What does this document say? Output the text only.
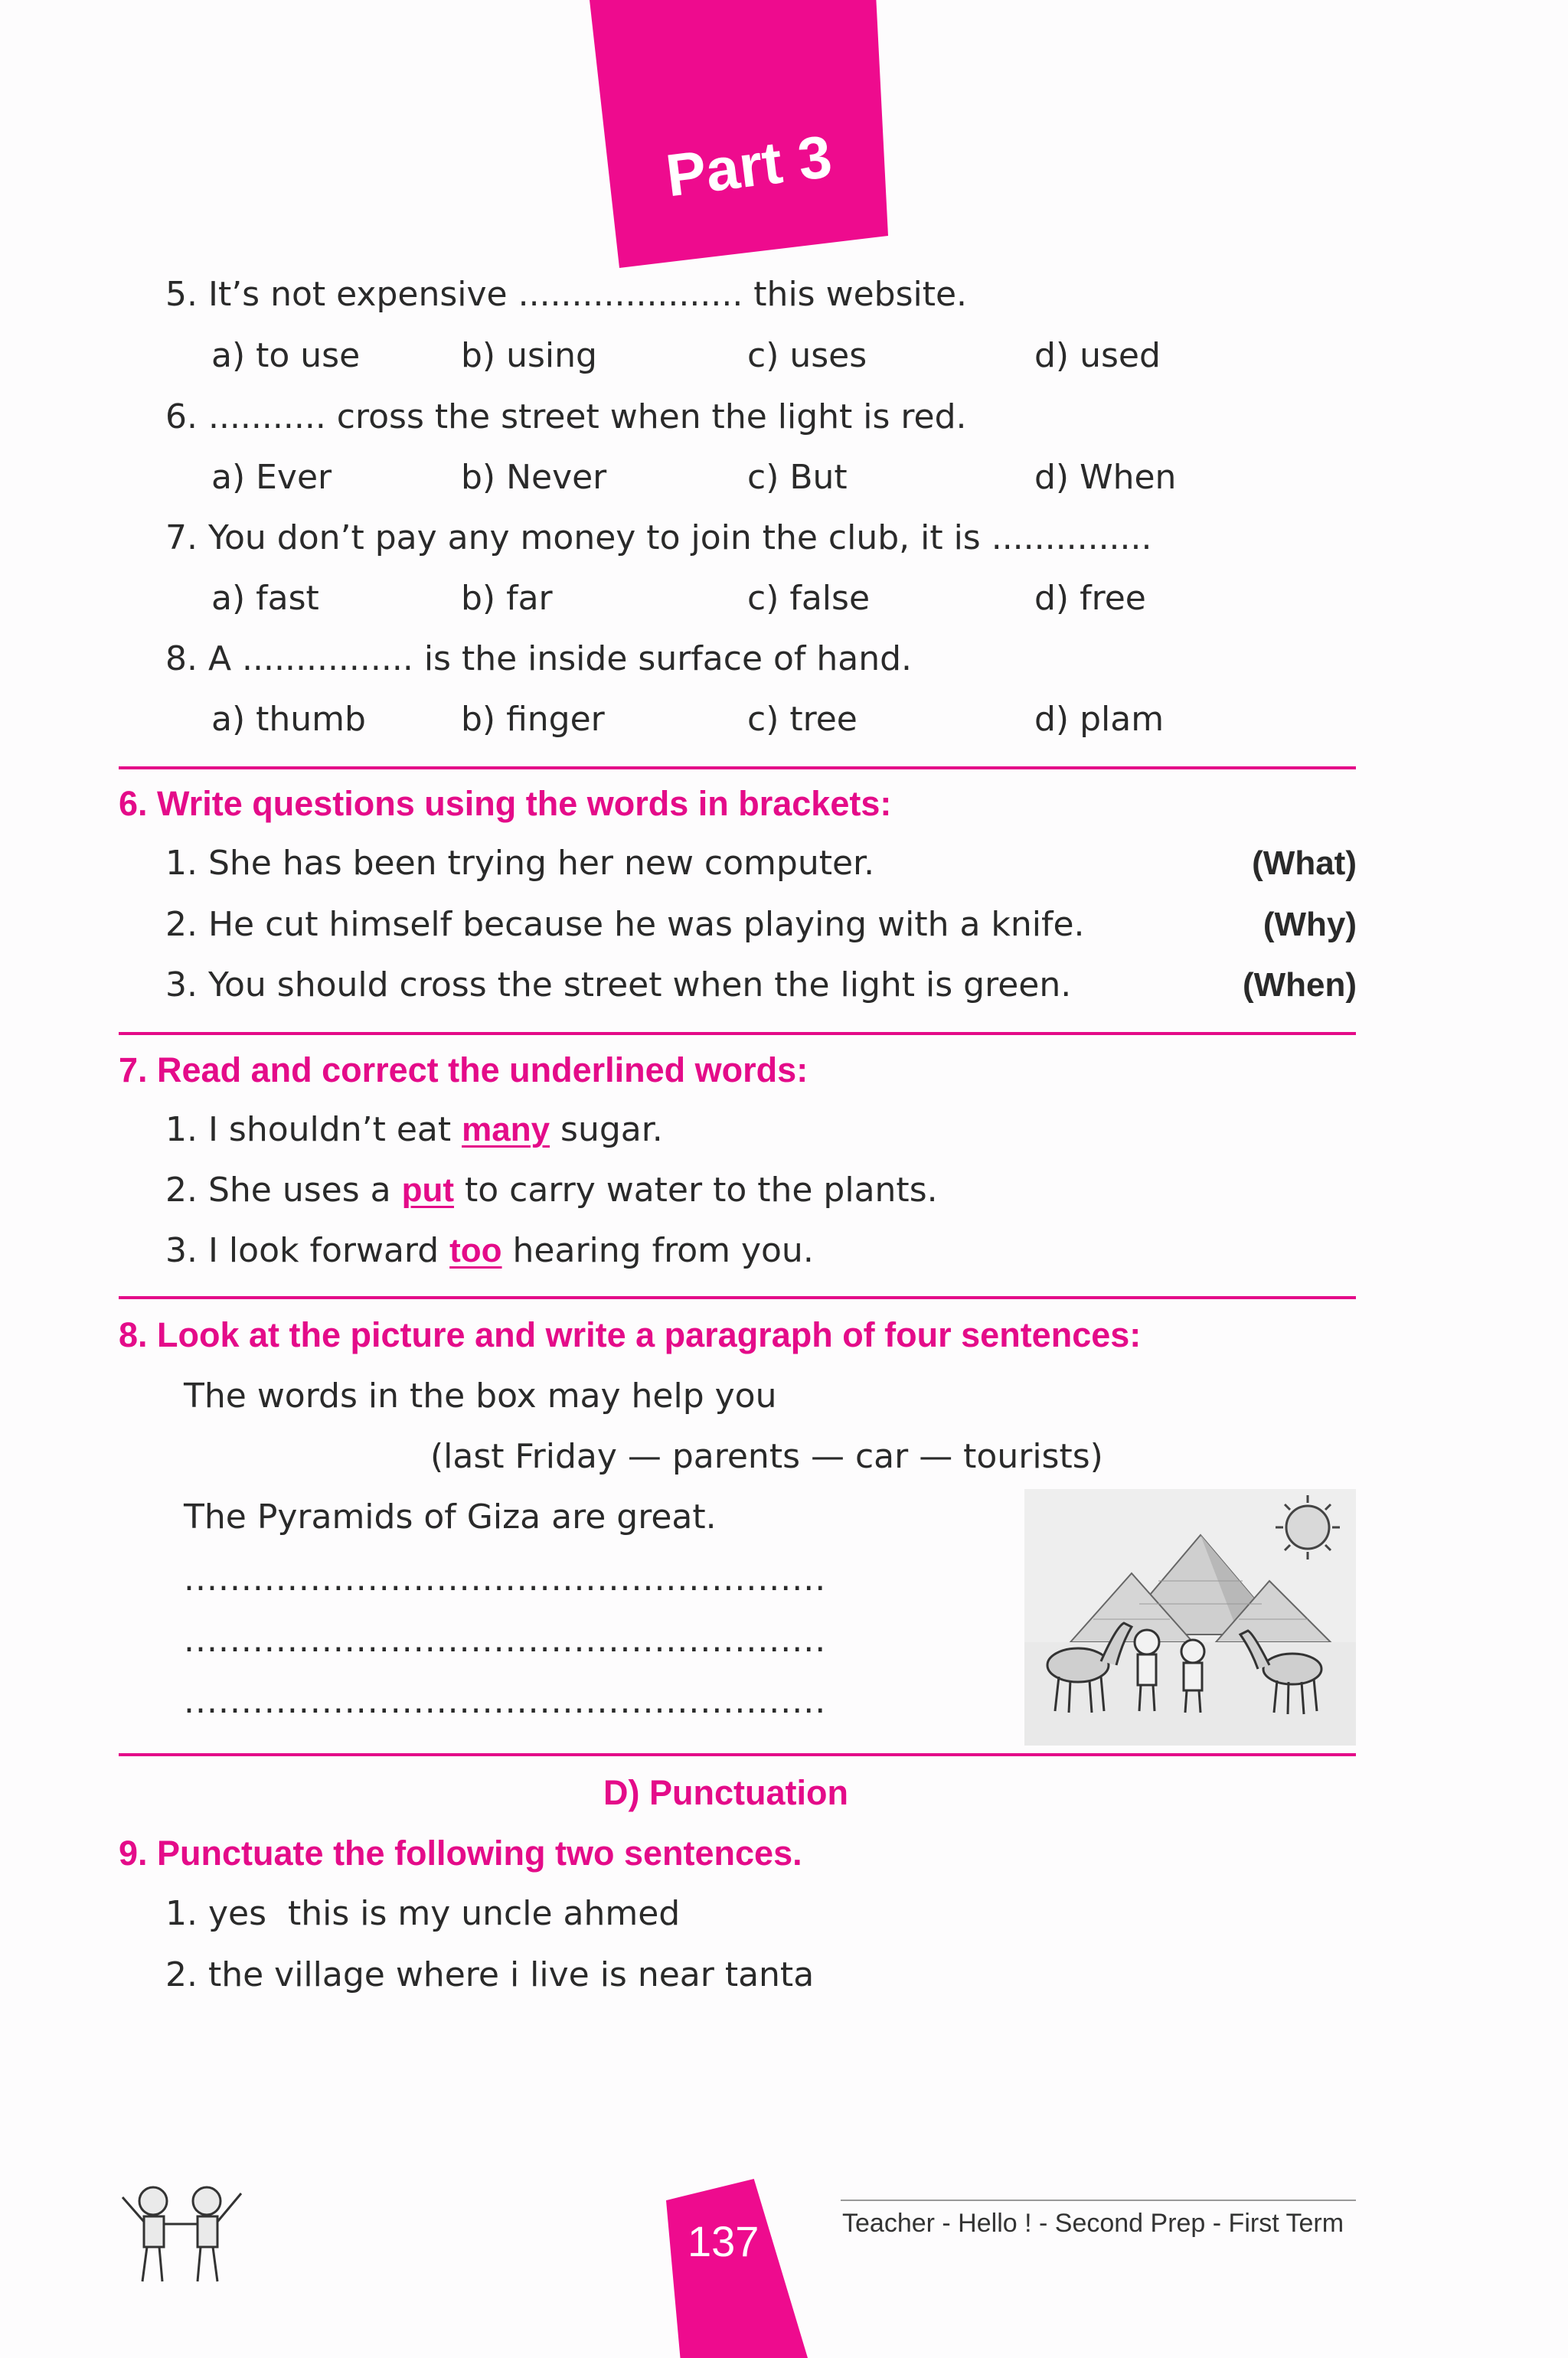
Part 3
5. It’s not expensive ..................... this website.
a) to use	b) using	c) uses	d) used
6. ........... cross the street when the light is red.
a) Ever	b) Never	c) But	d) When
7. You don’t pay any money to join the club, it is ...............
a) fast	b) far	c) false	d) free
8. A ................ is the inside surface of hand.
a) thumb	b) finger	c) tree	d) plam
6. Write questions using the words in brackets:
1. She has been trying her new computer.	(What)
2. He cut himself because he was playing with a knife.	(Why)
3. You should cross the street when the light is green.	(When)
7. Read and correct the underlined words:
1. I shouldn’t eat many sugar.
2. She uses a put to carry water to the plants.
3. I look forward too hearing from you.
8. Look at the picture and write a paragraph of four sentences:
The words in the box may help you
(last Friday — parents — car — tourists)
The Pyramids of Giza are great.
........................................................
........................................................
........................................................
D) Punctuation
9. Punctuate the following two sentences.
1. yes  this is my uncle ahmed
2. the village where i live is near tanta
137	Teacher - Hello ! - Second Prep - First Term
